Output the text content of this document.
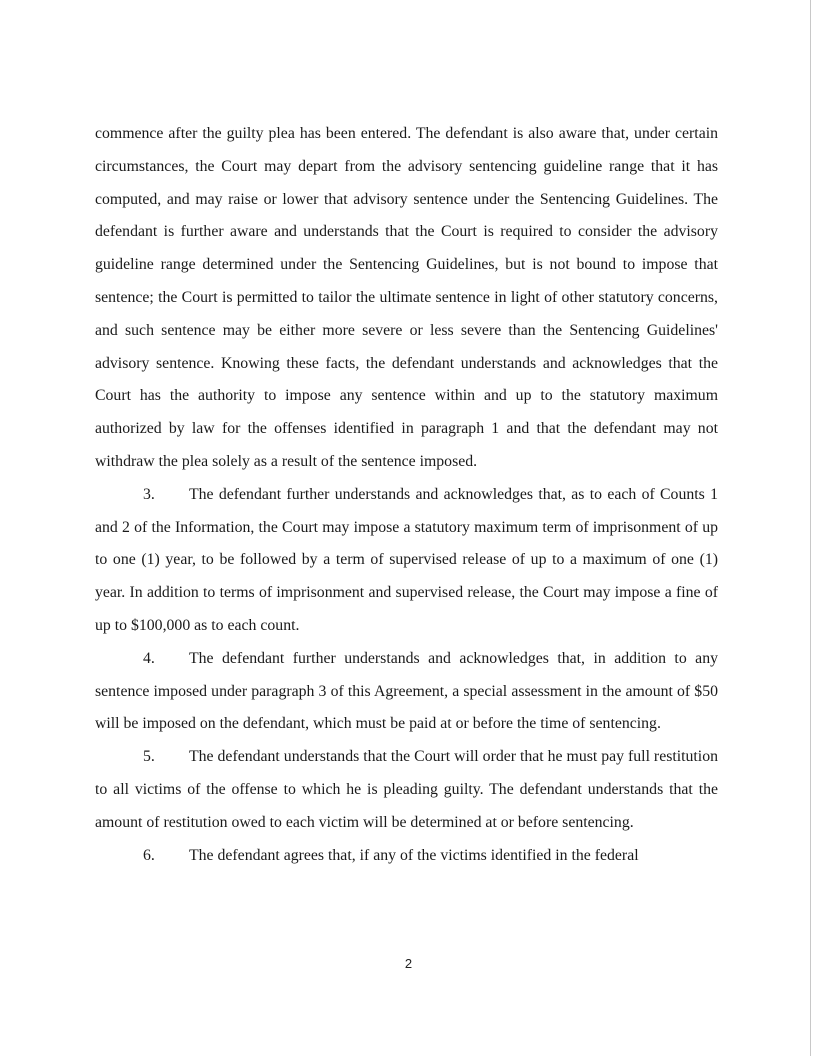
commence after the guilty plea has been entered. The defendant is also aware that, under certain circumstances, the Court may depart from the advisory sentencing guideline range that it has computed, and may raise or lower that advisory sentence under the Sentencing Guidelines. The defendant is further aware and understands that the Court is required to consider the advisory guideline range determined under the Sentencing Guidelines, but is not bound to impose that sentence; the Court is permitted to tailor the ultimate sentence in light of other statutory concerns, and such sentence may be either more severe or less severe than the Sentencing Guidelines' advisory sentence. Knowing these facts, the defendant understands and acknowledges that the Court has the authority to impose any sentence within and up to the statutory maximum authorized by law for the offenses identified in paragraph 1 and that the defendant may not withdraw the plea solely as a result of the sentence imposed.

3. The defendant further understands and acknowledges that, as to each of Counts 1 and 2 of the Information, the Court may impose a statutory maximum term of imprisonment of up to one (1) year, to be followed by a term of supervised release of up to a maximum of one (1) year. In addition to terms of imprisonment and supervised release, the Court may impose a fine of up to $100,000 as to each count.

4. The defendant further understands and acknowledges that, in addition to any sentence imposed under paragraph 3 of this Agreement, a special assessment in the amount of $50 will be imposed on the defendant, which must be paid at or before the time of sentencing.

5. The defendant understands that the Court will order that he must pay full restitution to all victims of the offense to which he is pleading guilty. The defendant understands that the amount of restitution owed to each victim will be determined at or before sentencing.

6. The defendant agrees that, if any of the victims identified in the federal

2
